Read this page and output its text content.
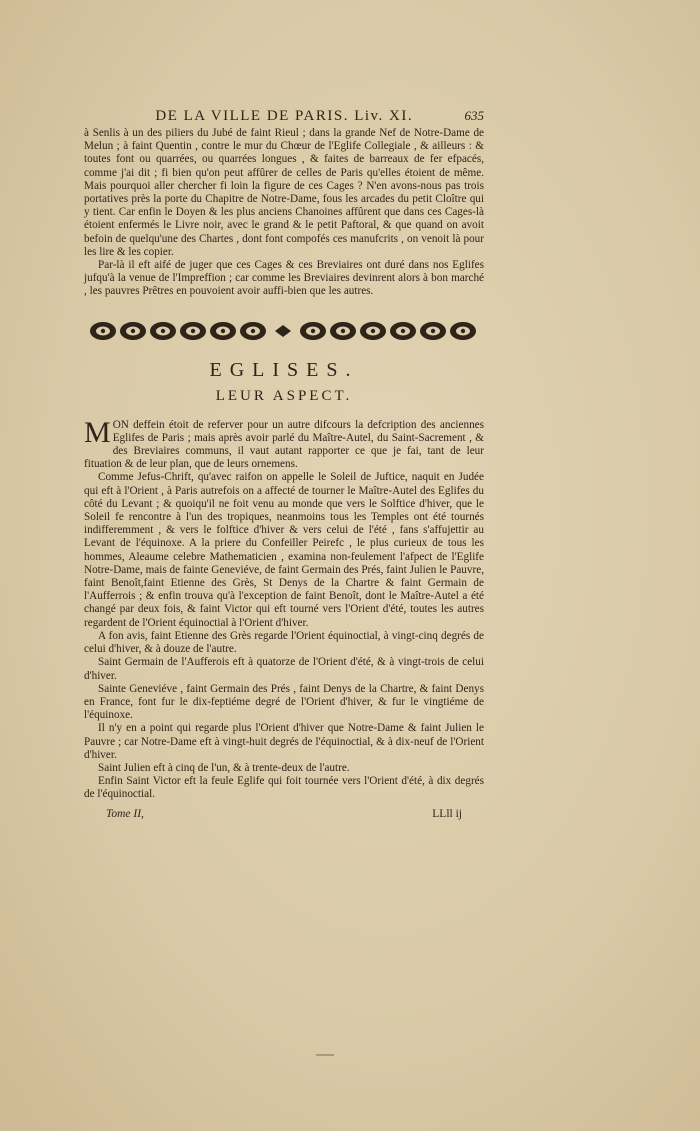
DE LA VILLE DE PARIS. Liv. XI.	635

à Senlis à un des piliers du Jubé de faint Rieul ; dans la grande Nef de Notre-Dame de Melun ; à faint Quentin , contre le mur du Chœur de l'Eglife Collegiale , & ailleurs : & toutes font ou quarrées, ou quarrées longues , & faites de barreaux de fer efpacés, comme j'ai dit ; fi bien qu'on peut affûrer de celles de Paris qu'elles étoient de même. Mais pourquoi aller chercher fi loin la figure de ces Cages ? N'en avons-nous pas trois portatives près la porte du Chapitre de Notre-Dame, fous les arcades du petit Cloître qui y tient. Car enfin le Doyen & les plus anciens Chanoines affûrent que dans ces Cages-là étoient enfermés le Livre noir, avec le grand & le petit Paftoral, & que quand on avoit befoin de quelqu'une des Chartes , dont font compofés ces manufcrits , on venoit là pour les lire & les copier.

Par-là il eft aifé de juger que ces Cages & ces Breviaires ont duré dans nos Eglifes jufqu'à la venue de l'Impreffion ; car comme les Breviaires devinrent alors à bon marché , les pauvres Prêtres en pouvoient avoir auffi-bien que les autres.

EGLISES.
LEUR ASPECT.

MON deffein étoit de referver pour un autre difcours la defcription des anciennes Eglifes de Paris ; mais après avoir parlé du Maître-Autel, du Saint-Sacrement , & des Breviaires communs, il vaut autant rapporter ce que je fai, tant de leur fituation & de leur plan, que de leurs ornemens.

Comme Jefus-Chrift, qu'avec raifon on appelle le Soleil de Juftice, naquit en Judée qui eft à l'Orient , à Paris autrefois on a affecté de tourner le Maître-Autel des Eglifes du côté du Levant ; & quoiqu'il ne foit venu au monde que vers le Solftice d'hiver, que le Soleil fe rencontre à l'un des tropiques, neanmoins tous les Temples ont été tournés indifferemment , & vers le folftice d'hiver & vers celui de l'été , fans s'affujettir au Levant de l'équinoxe. A la priere du Confeiller Peirefc , le plus curieux de tous les hommes, Aleaume celebre Mathematicien , examina non-feulement l'afpect de l'Eglife Notre-Dame, mais de fainte Geneviéve, de faint Germain des Prés, faint Julien le Pauvre, faint Benoît,faint Etienne des Grès, St Denys de la Chartre & faint Germain de l'Aufferrois ; & enfin trouva qu'à l'exception de faint Benoît, dont le Maître-Autel a été changé par deux fois, & faint Victor qui eft tourné vers l'Orient d'été, toutes les autres regardent de l'Orient équinoctial à l'Orient d'hiver.

A fon avis, faint Etienne des Grès regarde l'Orient équinoctial, à vingt-cinq degrés de celui d'hiver, & à douze de l'autre.

Saint Germain de l'Aufferois eft à quatorze de l'Orient d'été, & à vingt-trois de celui d'hiver.

Sainte Geneviéve , faint Germain des Prés , faint Denys de la Chartre, & faint Denys en France, font fur le dix-feptiéme degré de l'Orient d'hiver, & fur le vingtiéme de l'équinoxe.

Il n'y en a point qui regarde plus l'Orient d'hiver que Notre-Dame & faint Julien le Pauvre ; car Notre-Dame eft à vingt-huit degrés de l'équinoctial, & à dix-neuf de l'Orient d'hiver.

Saint Julien eft à cinq de l'un, & à trente-deux de l'autre.

Enfin Saint Victor eft la feule Eglife qui foit tournée vers l'Orient d'été, à dix degrés de l'équinoctial.

Tome II,	LLll ij
